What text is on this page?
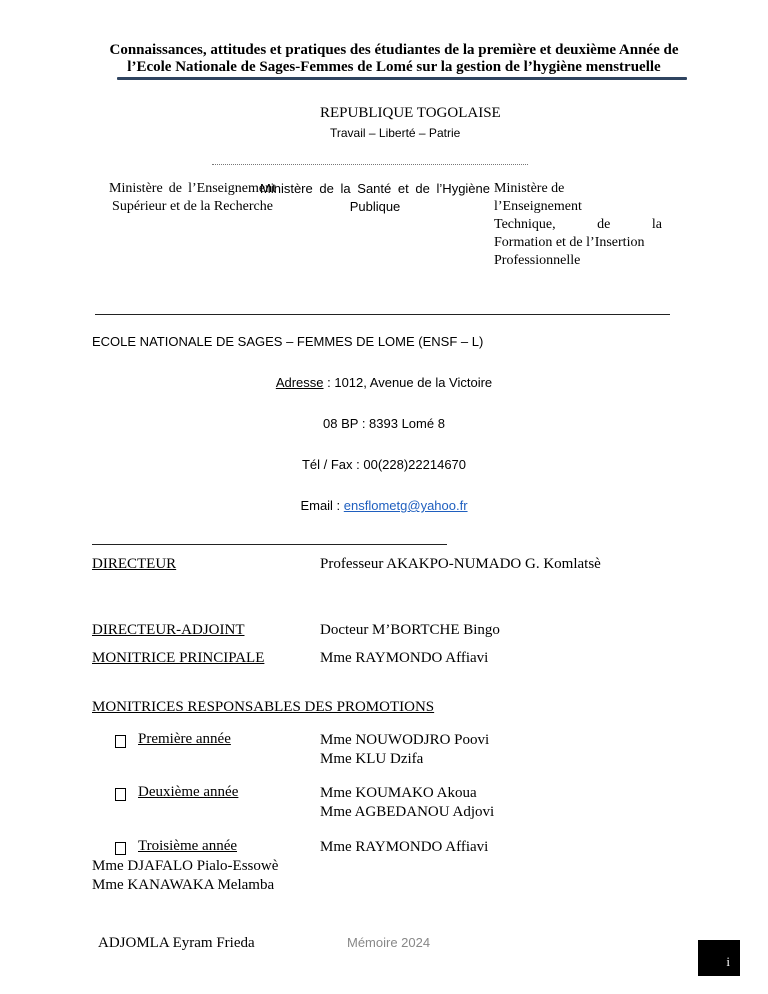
Connaissances, attitudes et pratiques des étudiantes de la première et deuxième Année de
l’Ecole Nationale de Sages-Femmes de Lomé sur la gestion de l’hygiène menstruelle
REPUBLIQUE TOGOLAISE
Travail – Liberté – Patrie
Ministère de l’Enseignement Supérieur et de la Recherche
Ministère de la Santé et de l’Hygiène Publique
Ministère de
l’Enseignement
Technique, de la
Formation et de l’Insertion
Professionnelle
ECOLE NATIONALE DE SAGES – FEMMES DE LOME (ENSF – L)
Adresse : 1012, Avenue de la Victoire
08 BP : 8393 Lomé 8
Tél / Fax : 00(228)22214670
Email : ensflometg@yahoo.fr
DIRECTEUR	Professeur AKAKPO-NUMADO G. Komlatsè
DIRECTEUR-ADJOINT	Docteur M’BORTCHE Bingo
MONITRICE PRINCIPALE	Mme RAYMONDO Affiavi
MONITRICES RESPONSABLES DES PROMOTIONS
Première année	Mme NOUWODJRO Poovi
Mme KLU Dzifa
Deuxième année	Mme KOUMAKO Akoua
Mme AGBEDANOU Adjovi
Troisième année	Mme RAYMONDO Affiavi
Mme DJAFALO Pialo-Essowè
Mme KANAWAKA Melamba
ADJOMLA Eyram Frieda	Mémoire 2024
i
